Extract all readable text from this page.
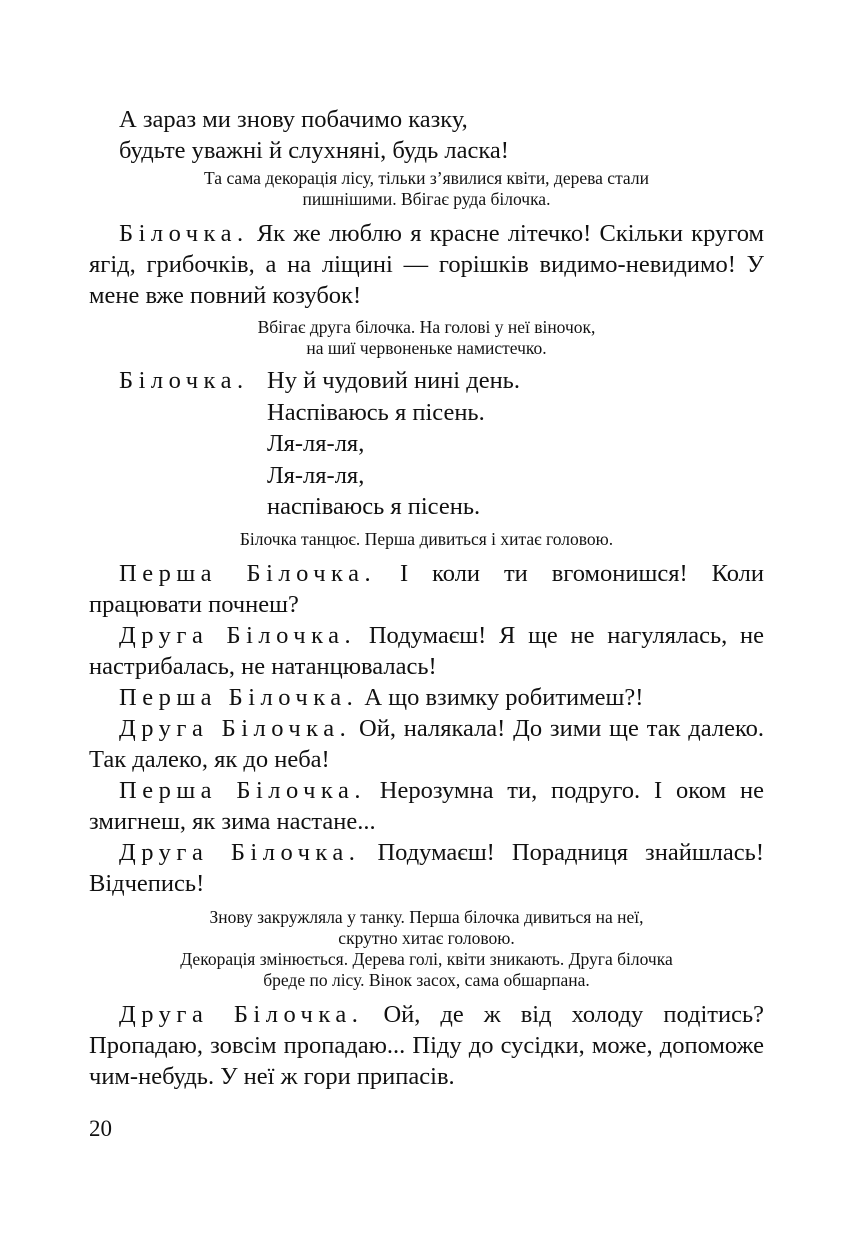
А зараз ми знову побачимо казку,
будьте уважні й слухняні, будь ласка!
Та сама декорація лісу, тільки з’явилися квіти, дерева стали
пишнішими. Вбігає руда білочка.

Білочка. Як же люблю я красне літечко! Скільки кругом ягід, грибочків, а на ліщині — горішків видимо-невидимо! У мене вже повний козубок!

Вбігає друга білочка. На голові у неї віночок,
на шиї червоненьке намистечко.
Білочка. Ну й чудовий нині день.
Наспіваюсь я пісень.
Ля-ля-ля,
Ля-ля-ля,
наспіваюсь я пісень.
Білочка танцює. Перша дивиться і хитає головою.

Перша Білочка. І коли ти вгомонишся! Коли працювати почнеш?

Друга Білочка. Подумаєш! Я ще не нагулялась, не настрибалась, не натанцювалась!

Перша Білочка. А що взимку робитимеш?!

Друга Білочка. Ой, налякала! До зими ще так далеко. Так далеко, як до неба!

Перша Білочка. Нерозумна ти, подруго. І оком не змигнеш, як зима настане...

Друга Білочка. Подумаєш! Порадниця знайшлась! Відчепись!

Знову закружляла у танку. Перша білочка дивиться на неї,
скрутно хитає головою.
Декорація змінюється. Дерева голі, квіти зникають. Друга білочка
бреде по лісу. Вінок засох, сама обшарпана.

Друга Білочка. Ой, де ж від холоду подітись? Пропадаю, зовсім пропадаю... Піду до сусідки, може, допоможе чим-небудь. У неї ж гори припасів.

20
